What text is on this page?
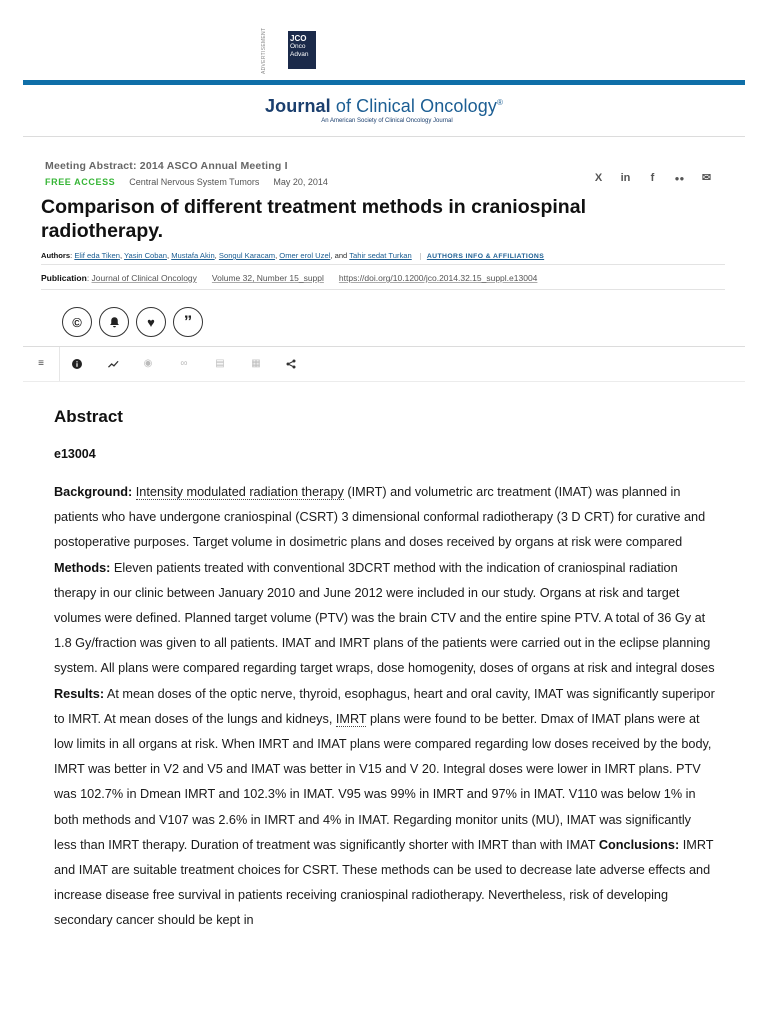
ADVERTISEMENT	JCO
Onco
Advan
Journal of Clinical Oncology®
An American Society of Clinical Oncology Journal
Meeting Abstract: 2014 ASCO Annual Meeting I
FREE ACCESS Central Nervous System Tumors May 20, 2014	X	in	f	●● ✉
Comparison of different treatment methods in craniospinal radiotherapy.
Authors: Elif eda Tiken, Yasin Coban, Mustafa Akin, Songul Karacam, Omer erol Uzel, and Tahir sedat Turkan AUTHORS INFO & AFFILIATIONS
Publication: Journal of Clinical Oncology Volume 32, Number 15_suppl https://doi.org/10.1200/jco.2014.32.15_suppl.e13004
©	♥	”
≡	◉	∞	▤	▦
Abstract
e13004

Background: Intensity modulated radiation therapy (IMRT) and volumetric arc treatment (IMAT) was planned in patients who have undergone craniospinal (CSRT) 3 dimensional conformal radiotherapy (3 D CRT) for curative and postoperative purposes. Target volume in dosimetric plans and doses received by organs at risk were compared Methods: Eleven patients treated with conventional 3DCRT method with the indication of craniospinal radiation therapy in our clinic between January 2010 and June 2012 were included in our study. Organs at risk and target volumes were defined. Planned target volume (PTV) was the brain CTV and the entire spine PTV. A total of 36 Gy at 1.8 Gy/fraction was given to all patients. IMAT and IMRT plans of the patients were carried out in the eclipse planning system. All plans were compared regarding target wraps, dose homogenity, doses of organs at risk and integral doses Results: At mean doses of the optic nerve, thyroid, esophagus, heart and oral cavity, IMAT was significantly superipor to IMRT. At mean doses of the lungs and kidneys, IMRT plans were found to be better. Dmax of IMAT plans were at low limits in all organs at risk. When IMRT and IMAT plans were compared regarding low doses received by the body, IMRT was better in V2 and V5 and IMAT was better in V15 and V 20. Integral doses were lower in IMRT plans. PTV was 102.7% in Dmean IMRT and 102.3% in IMAT. V95 was 99% in IMRT and 97% in IMAT. V110 was below 1% in both methods and V107 was 2.6% in IMRT and 4% in IMAT. Regarding monitor units (MU), IMAT was significantly less than IMRT therapy. Duration of treatment was significantly shorter with IMRT than with IMAT Conclusions: IMRT and IMAT are suitable treatment choices for CSRT. These methods can be used to decrease late adverse effects and increase disease free survival in patients receiving craniospinal radiotherapy. Nevertheless, risk of developing secondary cancer should be kept in
